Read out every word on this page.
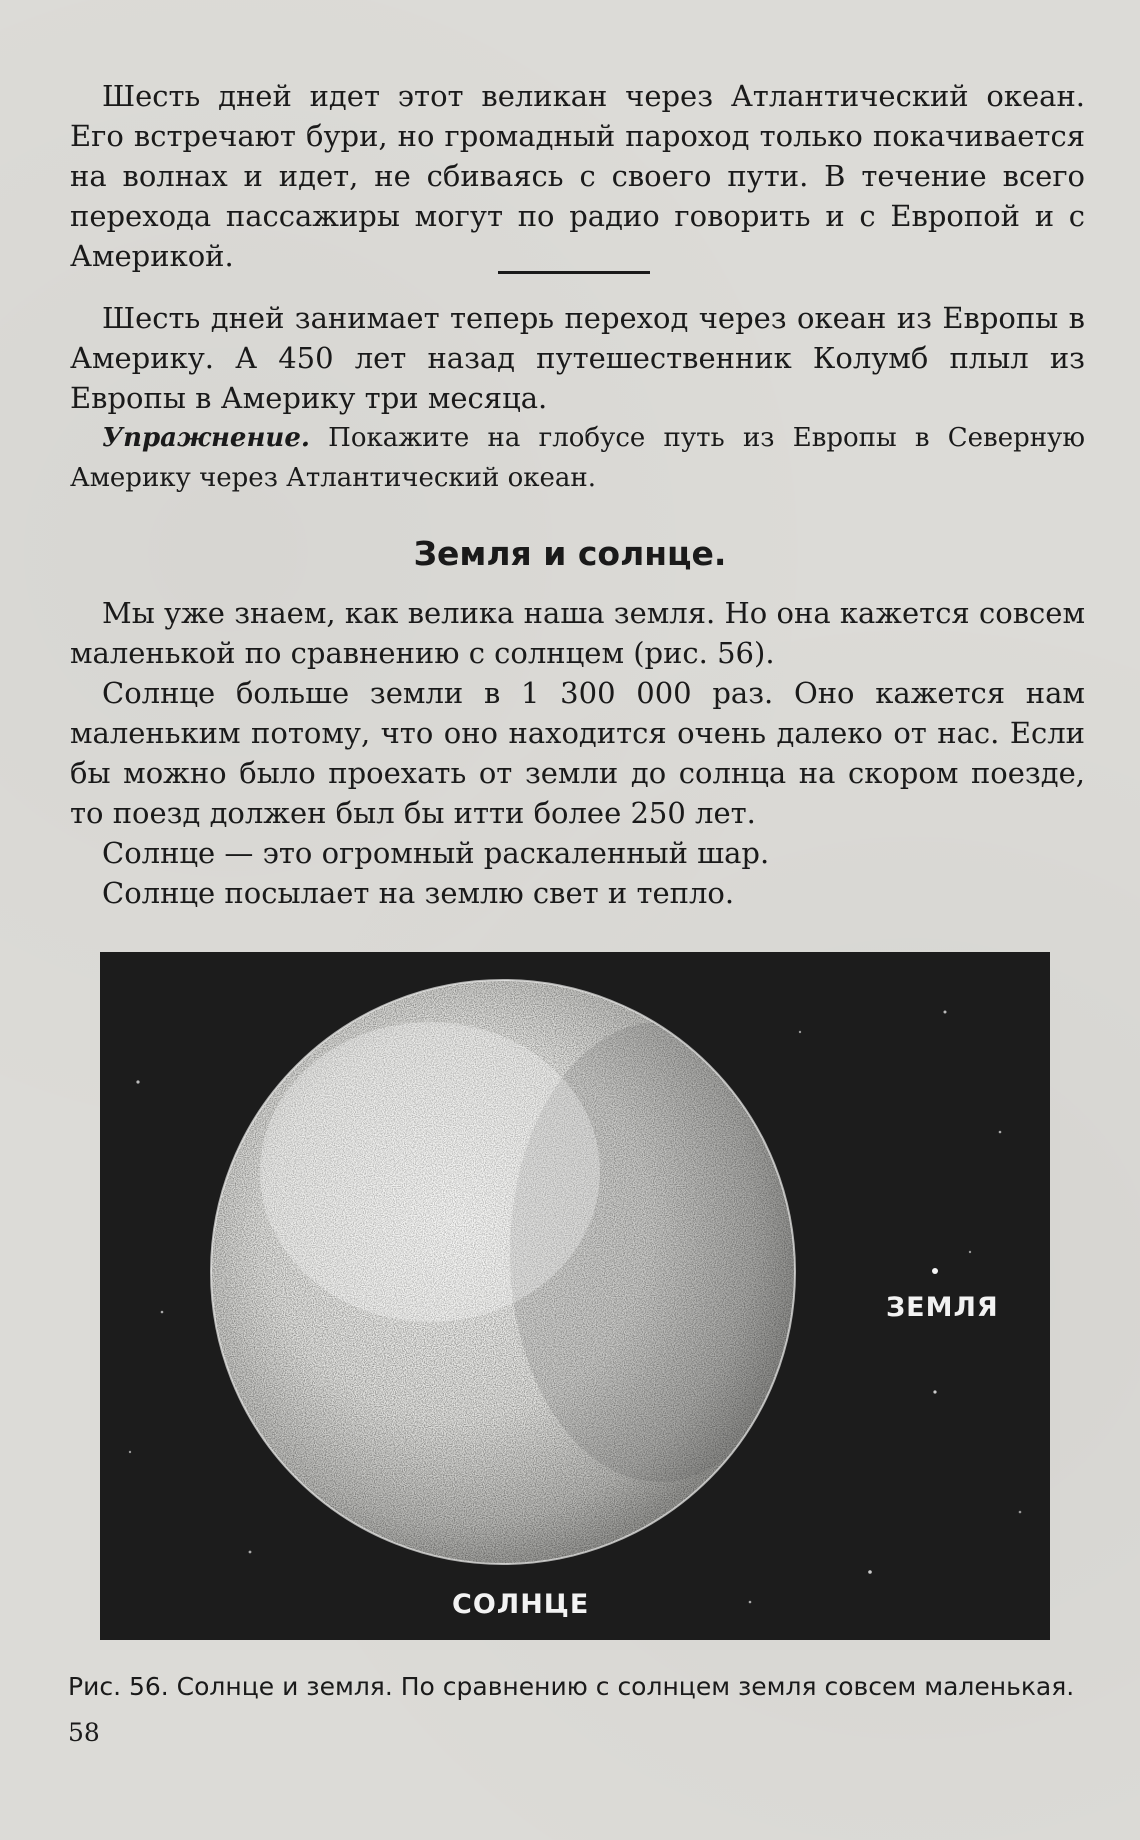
Шесть дней идет этот великан через Атлантический океан. Его встречают бури, но громадный пароход только покачивается на волнах и идет, не сбиваясь с своего пути. В течение всего перехода пассажиры могут по радио говорить и с Европой и с Америкой.

Шесть дней занимает теперь переход через океан из Европы в Америку. А 450 лет назад путешественник Колумб плыл из Европы в Америку три месяца.

Упражнение. Покажите на глобусе путь из Европы в Северную Америку через Атлантический океан.

Земля и солнце.

Мы уже знаем, как велика наша земля. Но она кажется совсем маленькой по сравнению с солнцем (рис. 56).

Солнце больше земли в 1 300 000 раз. Оно кажется нам маленьким потому, что оно находится очень далеко от нас. Если бы можно было проехать от земли до солнца на скором поезде, то поезд должен был бы итти более 250 лет.

Солнце — это огромный раскаленный шар.

Солнце посылает на землю свет и тепло.

ЗЕМЛЯ
СОЛНЦЕ

Рис. 56. Солнце и земля. По сравнению с солнцем земля совсем маленькая.

58
